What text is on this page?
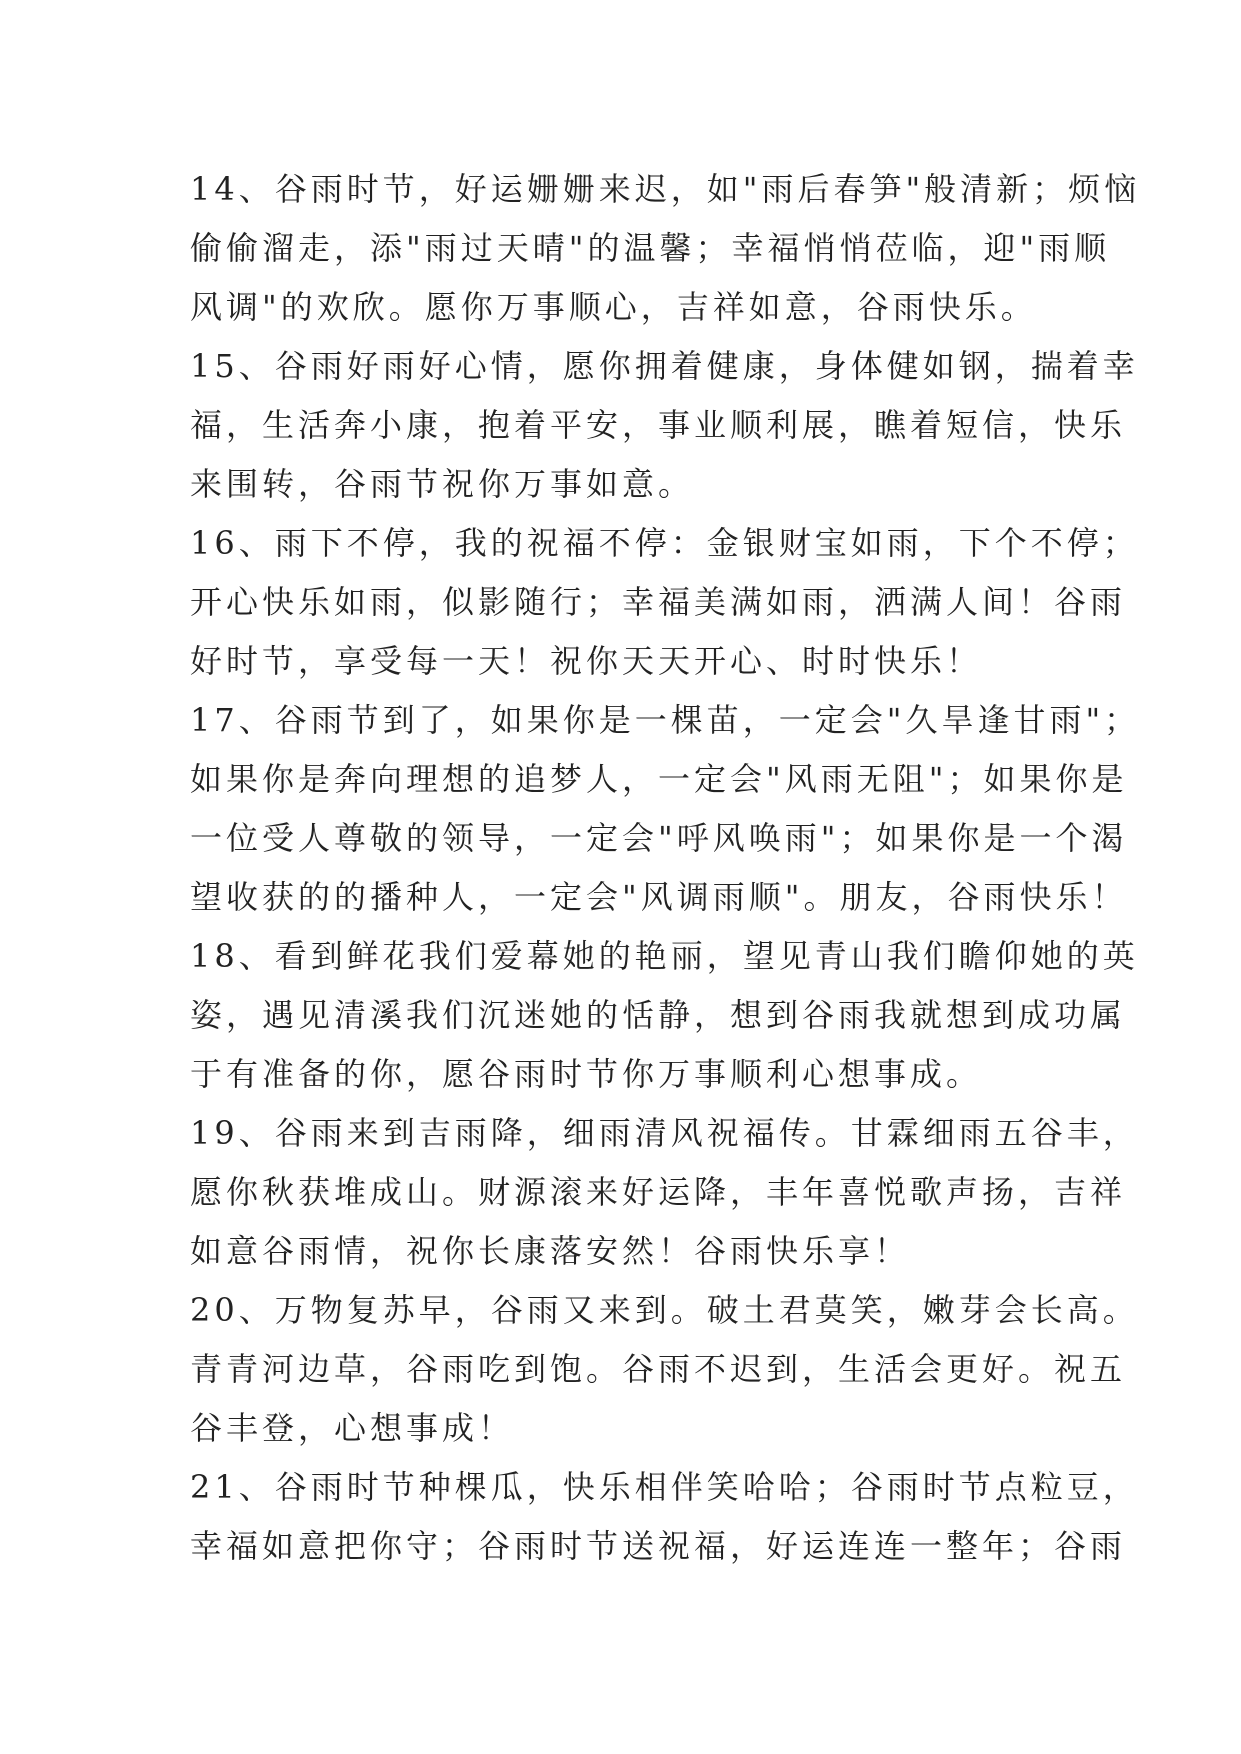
14、谷雨时节，好运姗姗来迟，如"雨后春笋"般清新；烦恼
偷偷溜走，添"雨过天晴"的温馨；幸福悄悄莅临，迎"雨顺
风调"的欢欣。愿你万事顺心，吉祥如意，谷雨快乐。
15、谷雨好雨好心情，愿你拥着健康，身体健如钢，揣着幸
福，生活奔小康，抱着平安，事业顺利展，瞧着短信，快乐
来围转，谷雨节祝你万事如意。
16、雨下不停，我的祝福不停：金银财宝如雨，下个不停；
开心快乐如雨，似影随行；幸福美满如雨，洒满人间！谷雨
好时节，享受每一天！祝你天天开心、时时快乐！
17、谷雨节到了，如果你是一棵苗，一定会"久旱逢甘雨"；
如果你是奔向理想的追梦人，一定会"风雨无阻"；如果你是
一位受人尊敬的领导，一定会"呼风唤雨"；如果你是一个渴
望收获的的播种人，一定会"风调雨顺"。朋友，谷雨快乐！
18、看到鲜花我们爱幕她的艳丽，望见青山我们瞻仰她的英
姿，遇见清溪我们沉迷她的恬静，想到谷雨我就想到成功属
于有准备的你，愿谷雨时节你万事顺利心想事成。
19、谷雨来到吉雨降，细雨清风祝福传。甘霖细雨五谷丰，
愿你秋获堆成山。财源滚来好运降，丰年喜悦歌声扬，吉祥
如意谷雨情，祝你长康落安然！谷雨快乐享！
20、万物复苏早，谷雨又来到。破土君莫笑，嫩芽会长高。
青青河边草，谷雨吃到饱。谷雨不迟到，生活会更好。祝五
谷丰登，心想事成！
21、谷雨时节种棵瓜，快乐相伴笑哈哈；谷雨时节点粒豆，
幸福如意把你守；谷雨时节送祝福，好运连连一整年；谷雨
